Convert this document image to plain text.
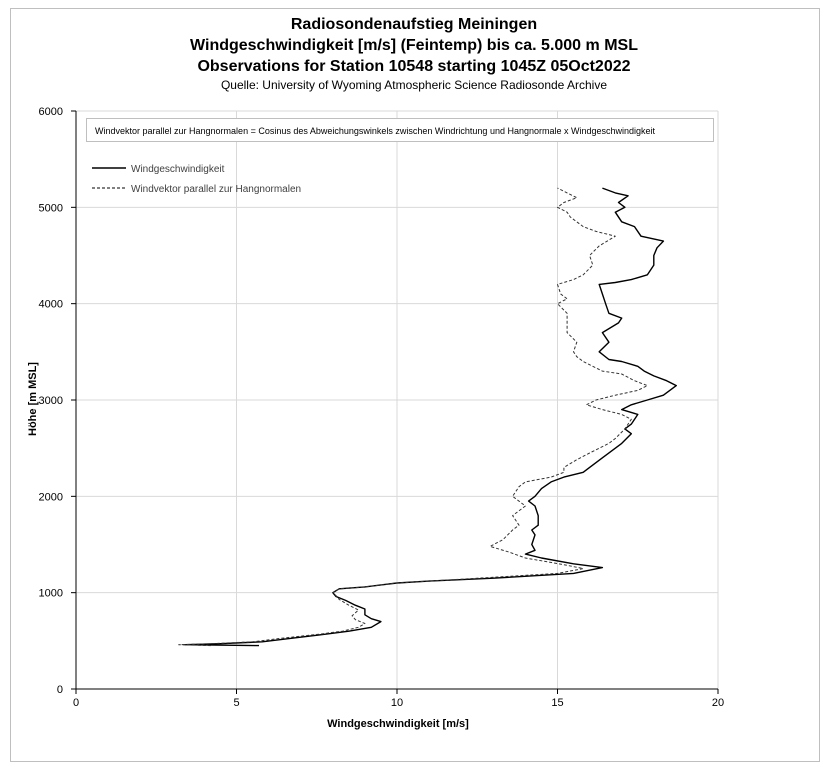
Radiosondenaufstieg Meiningen
Windgeschwindigkeit [m/s] (Feintemp) bis ca. 5.000 m MSL
Observations for Station 10548 starting 1045Z 05Oct2022
Quelle: University of Wyoming Atmospheric Science Radiosonde Archive
0	5	10	15	20
0
1000
2000
3000
4000
5000
6000
Windgeschwindigkeit
Windvektor parallel zur Hangnormalen
Windvektor parallel zur Hangnormalen = Cosinus des Abweichungswinkels zwischen Windrichtung und Hangnormale x Windgeschwindigkeit
Höhe [m MSL]
Windgeschwindigkeit [m/s]
